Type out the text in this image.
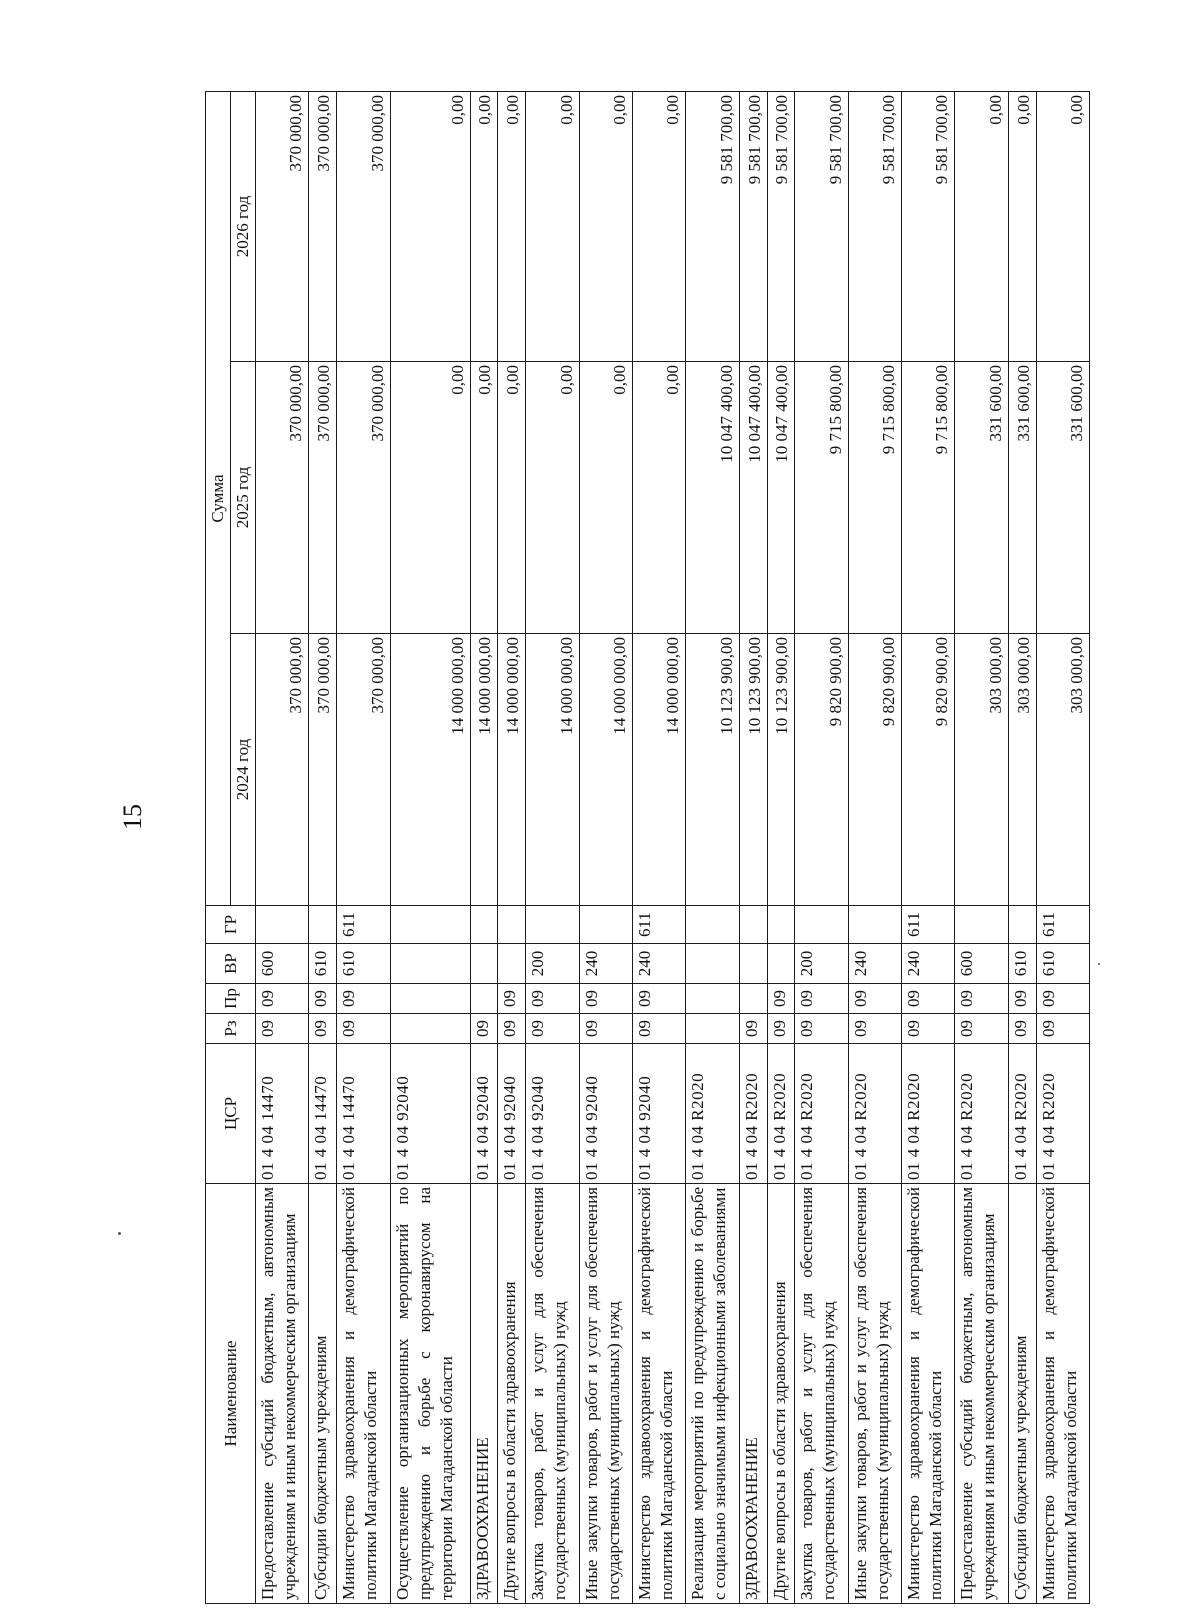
15
Наименование	ЦСР	Рз	Пр	ВР	ГР	Сумма		
						2024 год	2025 год	2026 год
Предоставление субсидий бюджетным, автономным учреждениям и иным некоммерческим организациям	01 4 04 14470	09	09	600		370 000,00	370 000,00	370 000,00
Субсидии бюджетным учреждениям	01 4 04 14470	09	09	610		370 000,00	370 000,00	370 000,00
Министерство здравоохранения и демографической политики Магаданской области	01 4 04 14470	09	09	610	611	370 000,00	370 000,00	370 000,00
Осуществление организационных мероприятий по предупреждению и борьбе с коронавирусом на территории Магаданской области	01 4 04 92040					14 000 000,00	0,00	0,00
ЗДРАВООХРАНЕНИЕ	01 4 04 92040	09				14 000 000,00	0,00	0,00
Другие вопросы в области здравоохранения	01 4 04 92040	09	09			14 000 000,00	0,00	0,00
Закупка товаров, работ и услуг для обеспечения государственных (муниципальных) нужд	01 4 04 92040	09	09	200		14 000 000,00	0,00	0,00
Иные закупки товаров, работ и услуг для обеспечения государственных (муниципальных) нужд	01 4 04 92040	09	09	240		14 000 000,00	0,00	0,00
Министерство здравоохранения и демографической политики Магаданской области	01 4 04 92040	09	09	240	611	14 000 000,00	0,00	0,00
Реализация мероприятий по предупреждению и борьбе с социально значимыми инфекционными заболеваниями	01 4 04 R2020					10 123 900,00	10 047 400,00	9 581 700,00
ЗДРАВООХРАНЕНИЕ	01 4 04 R2020	09				10 123 900,00	10 047 400,00	9 581 700,00
Другие вопросы в области здравоохранения	01 4 04 R2020	09	09			10 123 900,00	10 047 400,00	9 581 700,00
Закупка товаров, работ и услуг для обеспечения государственных (муниципальных) нужд	01 4 04 R2020	09	09	200		9 820 900,00	9 715 800,00	9 581 700,00
Иные закупки товаров, работ и услуг для обеспечения государственных (муниципальных) нужд	01 4 04 R2020	09	09	240		9 820 900,00	9 715 800,00	9 581 700,00
Министерство здравоохранения и демографической политики Магаданской области	01 4 04 R2020	09	09	240	611	9 820 900,00	9 715 800,00	9 581 700,00
Предоставление субсидий бюджетным, автономным учреждениям и иным некоммерческим организациям	01 4 04 R2020	09	09	600		303 000,00	331 600,00	0,00
Субсидии бюджетным учреждениям	01 4 04 R2020	09	09	610		303 000,00	331 600,00	0,00
Министерство здравоохранения и демографической политики Магаданской области	01 4 04 R2020	09	09	610	611	303 000,00	331 600,00	0,00
